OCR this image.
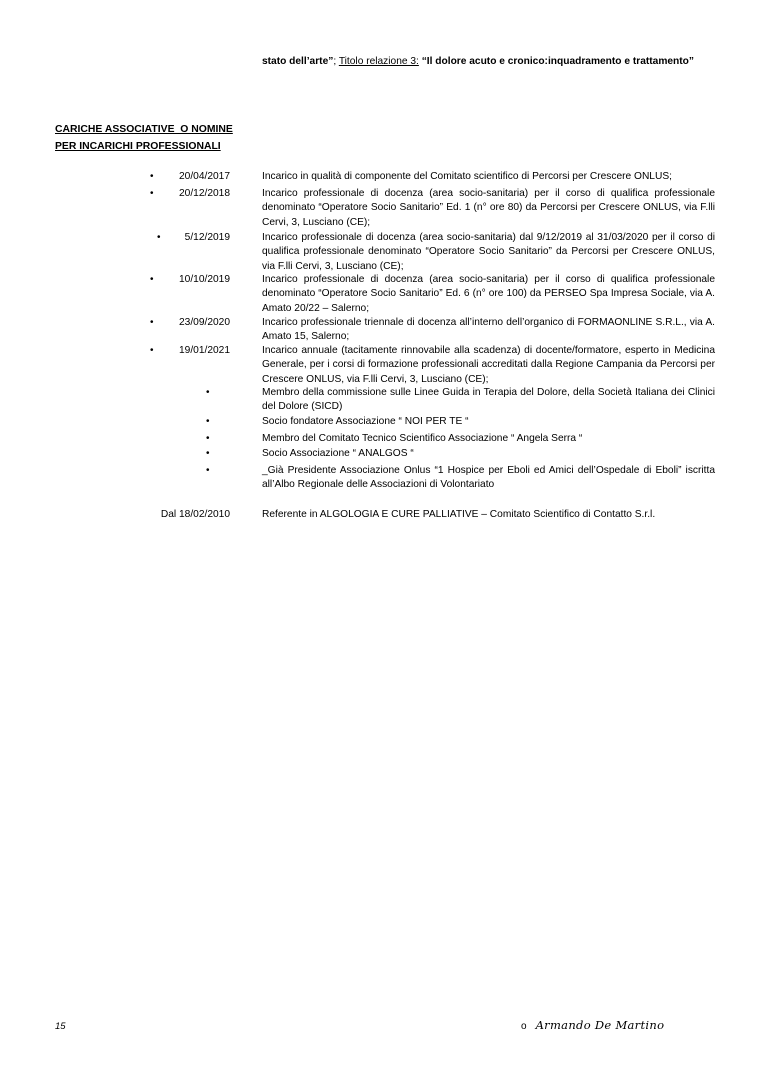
stato dell’arte”; Titolo relazione 3: “Il dolore acuto e cronico:inquadramento e trattamento”
CARICHE ASSOCIATIVE  O NOMINE
PER INCARICHI PROFESSIONALI
• 20/04/2017	Incarico in qualità di componente del Comitato scientifico di Percorsi per Crescere ONLUS;
• 20/12/2018	Incarico professionale di docenza (area socio-sanitaria) per il corso di qualifica professionale denominato “Operatore Socio Sanitario” Ed. 1 (n° ore 80) da Percorsi per Crescere ONLUS, via F.lli Cervi, 3, Lusciano (CE);
• 5/12/2019	Incarico professionale di docenza (area socio-sanitaria) dal 9/12/2019 al 31/03/2020 per il corso di qualifica professionale denominato “Operatore Socio Sanitario” da Percorsi per Crescere ONLUS, via F.lli Cervi, 3, Lusciano (CE);
• 10/10/2019	Incarico professionale di docenza (area socio-sanitaria) per il corso di qualifica professionale denominato “Operatore Socio Sanitario” Ed. 6 (n° ore 100) da PERSEO Spa Impresa Sociale, via A. Amato 20/22 – Salerno;
• 23/09/2020	Incarico professionale triennale di docenza all’interno dell’organico di FORMAONLINE S.R.L., via A. Amato 15, Salerno;
• 19/01/2021	Incarico annuale (tacitamente rinnovabile alla scadenza) di docente/formatore, esperto in Medicina Generale, per i corsi di formazione professionali accreditati dalla Regione Campania da Percorsi per Crescere ONLUS, via F.lli Cervi, 3, Lusciano (CE);
•	Membro della commissione sulle Linee Guida in Terapia del Dolore, della Società Italiana dei Clinici del Dolore (SICD)
•	Socio fondatore Associazione “ NOI PER TE “
•	Membro del Comitato Tecnico Scientifico Associazione “ Angela Serra “
•	Socio Associazione “ ANALGOS “
•	_Già Presidente Associazione Onlus “1 Hospice per Eboli ed Amici dell’Ospedale di Eboli” iscritta all’Albo Regionale delle Associazioni di Volontariato
Dal 18/02/2010	Referente in ALGOLOGIA E CURE PALLIATIVE – Comitato Scientifico di Contatto S.r.l.
15	o Armando De Martino
